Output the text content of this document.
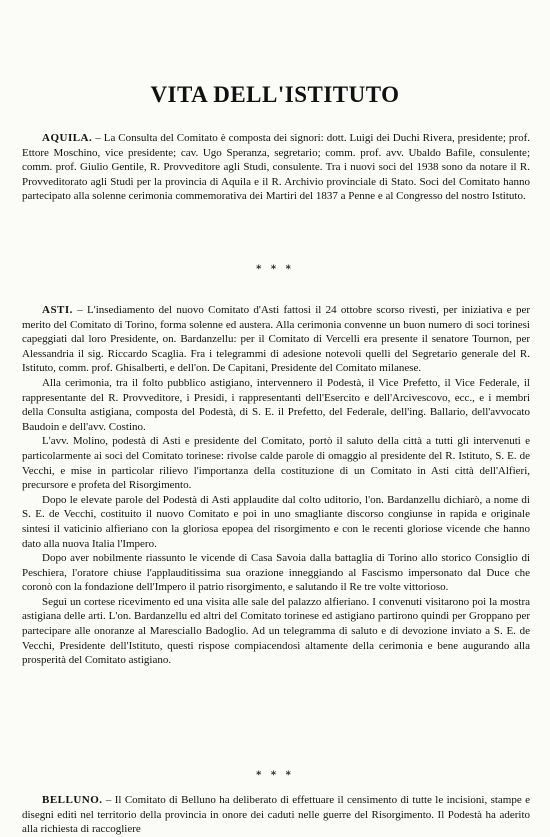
VITA DELL'ISTITUTO

AQUILA. – La Consulta del Comitato è composta dei signori: dott. Luigi dei Duchi Rivera, presidente; prof. Ettore Moschino, vice presidente; cav. Ugo Speranza, segretario; comm. prof. avv. Ubaldo Bafile, consulente; comm. prof. Giulio Gentile, R. Provveditore agli Studi, consulente. Tra i nuovi soci del 1938 sono da notare il R. Provveditorato agli Studi per la provincia di Aquila e il R. Archivio provinciale di Stato. Soci del Comitato hanno partecipato alla solenne cerimonia commemorativa dei Martiri del 1837 a Penne e al Congresso del nostro Istituto.

* * *

ASTI. – L'insediamento del nuovo Comitato d'Asti fattosi il 24 ottobre scorso rivestì, per iniziativa e per merito del Comitato di Torino, forma solenne ed austera. Alla cerimonia convenne un buon numero di soci torinesi capeggiati dal loro Presidente, on. Bardanzellu: per il Comitato di Vercelli era presente il senatore Tournon, per Alessandria il sig. Riccardo Scaglia. Fra i telegrammi di adesione notevoli quelli del Segretario generale del R. Istituto, comm. prof. Ghisalberti, e dell'on. De Capitani, Presidente del Comitato milanese.

Alla cerimonia, tra il folto pubblico astigiano, intervennero il Podestà, il Vice Prefetto, il Vice Federale, il rappresentante del R. Provveditore, i Presidi, i rappresentanti dell'Esercito e dell'Arcivescovo, ecc., e i membri della Consulta astigiana, composta del Podestà, di S. E. il Prefetto, del Federale, dell'ing. Ballario, dell'avvocato Baudoin e dell'avv. Costino.

L'avv. Molino, podestà di Asti e presidente del Comitato, portò il saluto della città a tutti gli intervenuti e particolarmente ai soci del Comitato torinese: rivolse calde parole di omaggio al presidente del R. Istituto, S. E. de Vecchi, e mise in particolar rilievo l'importanza della costituzione di un Comitato in Asti città dell'Alfieri, precursore e profeta del Risorgimento.

Dopo le elevate parole del Podestà di Asti applaudite dal colto uditorio, l'on. Bardanzellu dichiarò, a nome di S. E. de Vecchi, costituito il nuovo Comitato e poi in uno smagliante discorso congiunse in rapida e originale sintesi il vaticinio alfieriano con la gloriosa epopea del risorgimento e con le recenti gloriose vicende che hanno dato alla nuova Italia l'Impero.

Dopo aver nobilmente riassunto le vicende di Casa Savoia dalla battaglia di Torino allo storico Consiglio di Peschiera, l'oratore chiuse l'applauditissima sua orazione inneggiando al Fascismo impersonato dal Duce che coronò con la fondazione dell'Impero il patrio risorgimento, e salutando il Re tre volte vittorioso.

Seguì un cortese ricevimento ed una visita alle sale del palazzo alfieriano. I convenuti visitarono poi la mostra astigiana delle arti. L'on. Bardanzellu ed altri del Comitato torinese ed astigiano partirono quindi per Groppano per partecipare alle onoranze al Maresciallo Badoglio. Ad un telegramma di saluto e di devozione inviato a S. E. de Vecchi, Presidente dell'Istituto, questi rispose compiacendosi altamente della cerimonia e bene augurando alla prosperità del Comitato astigiano.

* * *

BELLUNO. – Il Comitato di Belluno ha deliberato di effettuare il censimento di tutte le incisioni, stampe e disegni editi nel territorio della provincia in onore dei caduti nelle guerre del Risorgimento. Il Podestà ha aderito alla richiesta di raccogliere
